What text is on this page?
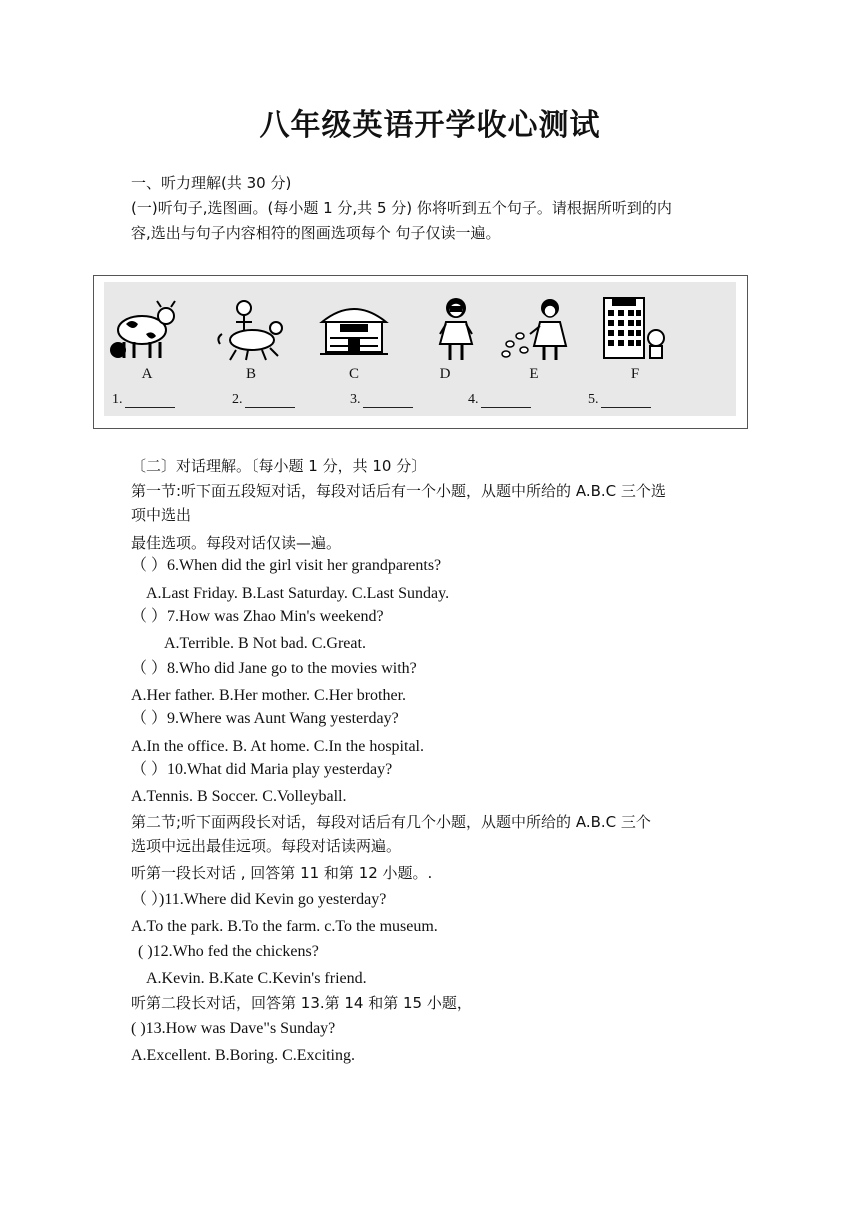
八年级英语开学收心测试
一、听力理解(共 30 分)
(一)听句子,选图画。(每小题 1 分,共 5 分) 你将听到五个句子。请根据所听到的内
容,选出与句子内容相符的图画选项每个 句子仅读一遍。
A	B	C	D	E	F
1.	2.	3.	4.	5.
〔二〕对话理解。〔每小题 1 分，共 10 分〕
第一节:听下面五段短对话，每段对话后有一个小题，从题中所给的 A.B.C 三个选
项中选出
最佳选项。每段对话仅读—遍。
（ ）6.When did the girl visit her grandparents?
A.Last Friday. B.Last Saturday. C.Last Sunday.
（ ）7.How was Zhao Min's weekend?
A.Terrible. B Not bad. C.Great.
（ ）8.Who did Jane go to the movies with?
A.Her father. B.Her mother. C.Her brother.
（ ）9.Where was Aunt Wang yesterday?
A.In the office. B. At home. C.In the hospital.
（ ）10.What did Maria play yesterday?
A.Tennis. B Soccer. C.Volleyball.
第二节;听下面两段长对话，每段对话后有几个小题，从题中所给的 A.B.C 三个
选项中远出最佳远项。每段对话读两遍。
听第一段长对话 , 回答第 11 和第 12 小题。.
（ ）)11.Where did Kevin go yesterday?
A.To the park. B.To the farm. c.To the museum.
( )12.Who fed the chickens?
A.Kevin. B.Kate C.Kevin's friend.
听第二段长对话，回答第 13.第 14 和第 15 小题，
( )13.How was Dave"s Sunday?
A.Excellent. B.Boring. C.Exciting.
